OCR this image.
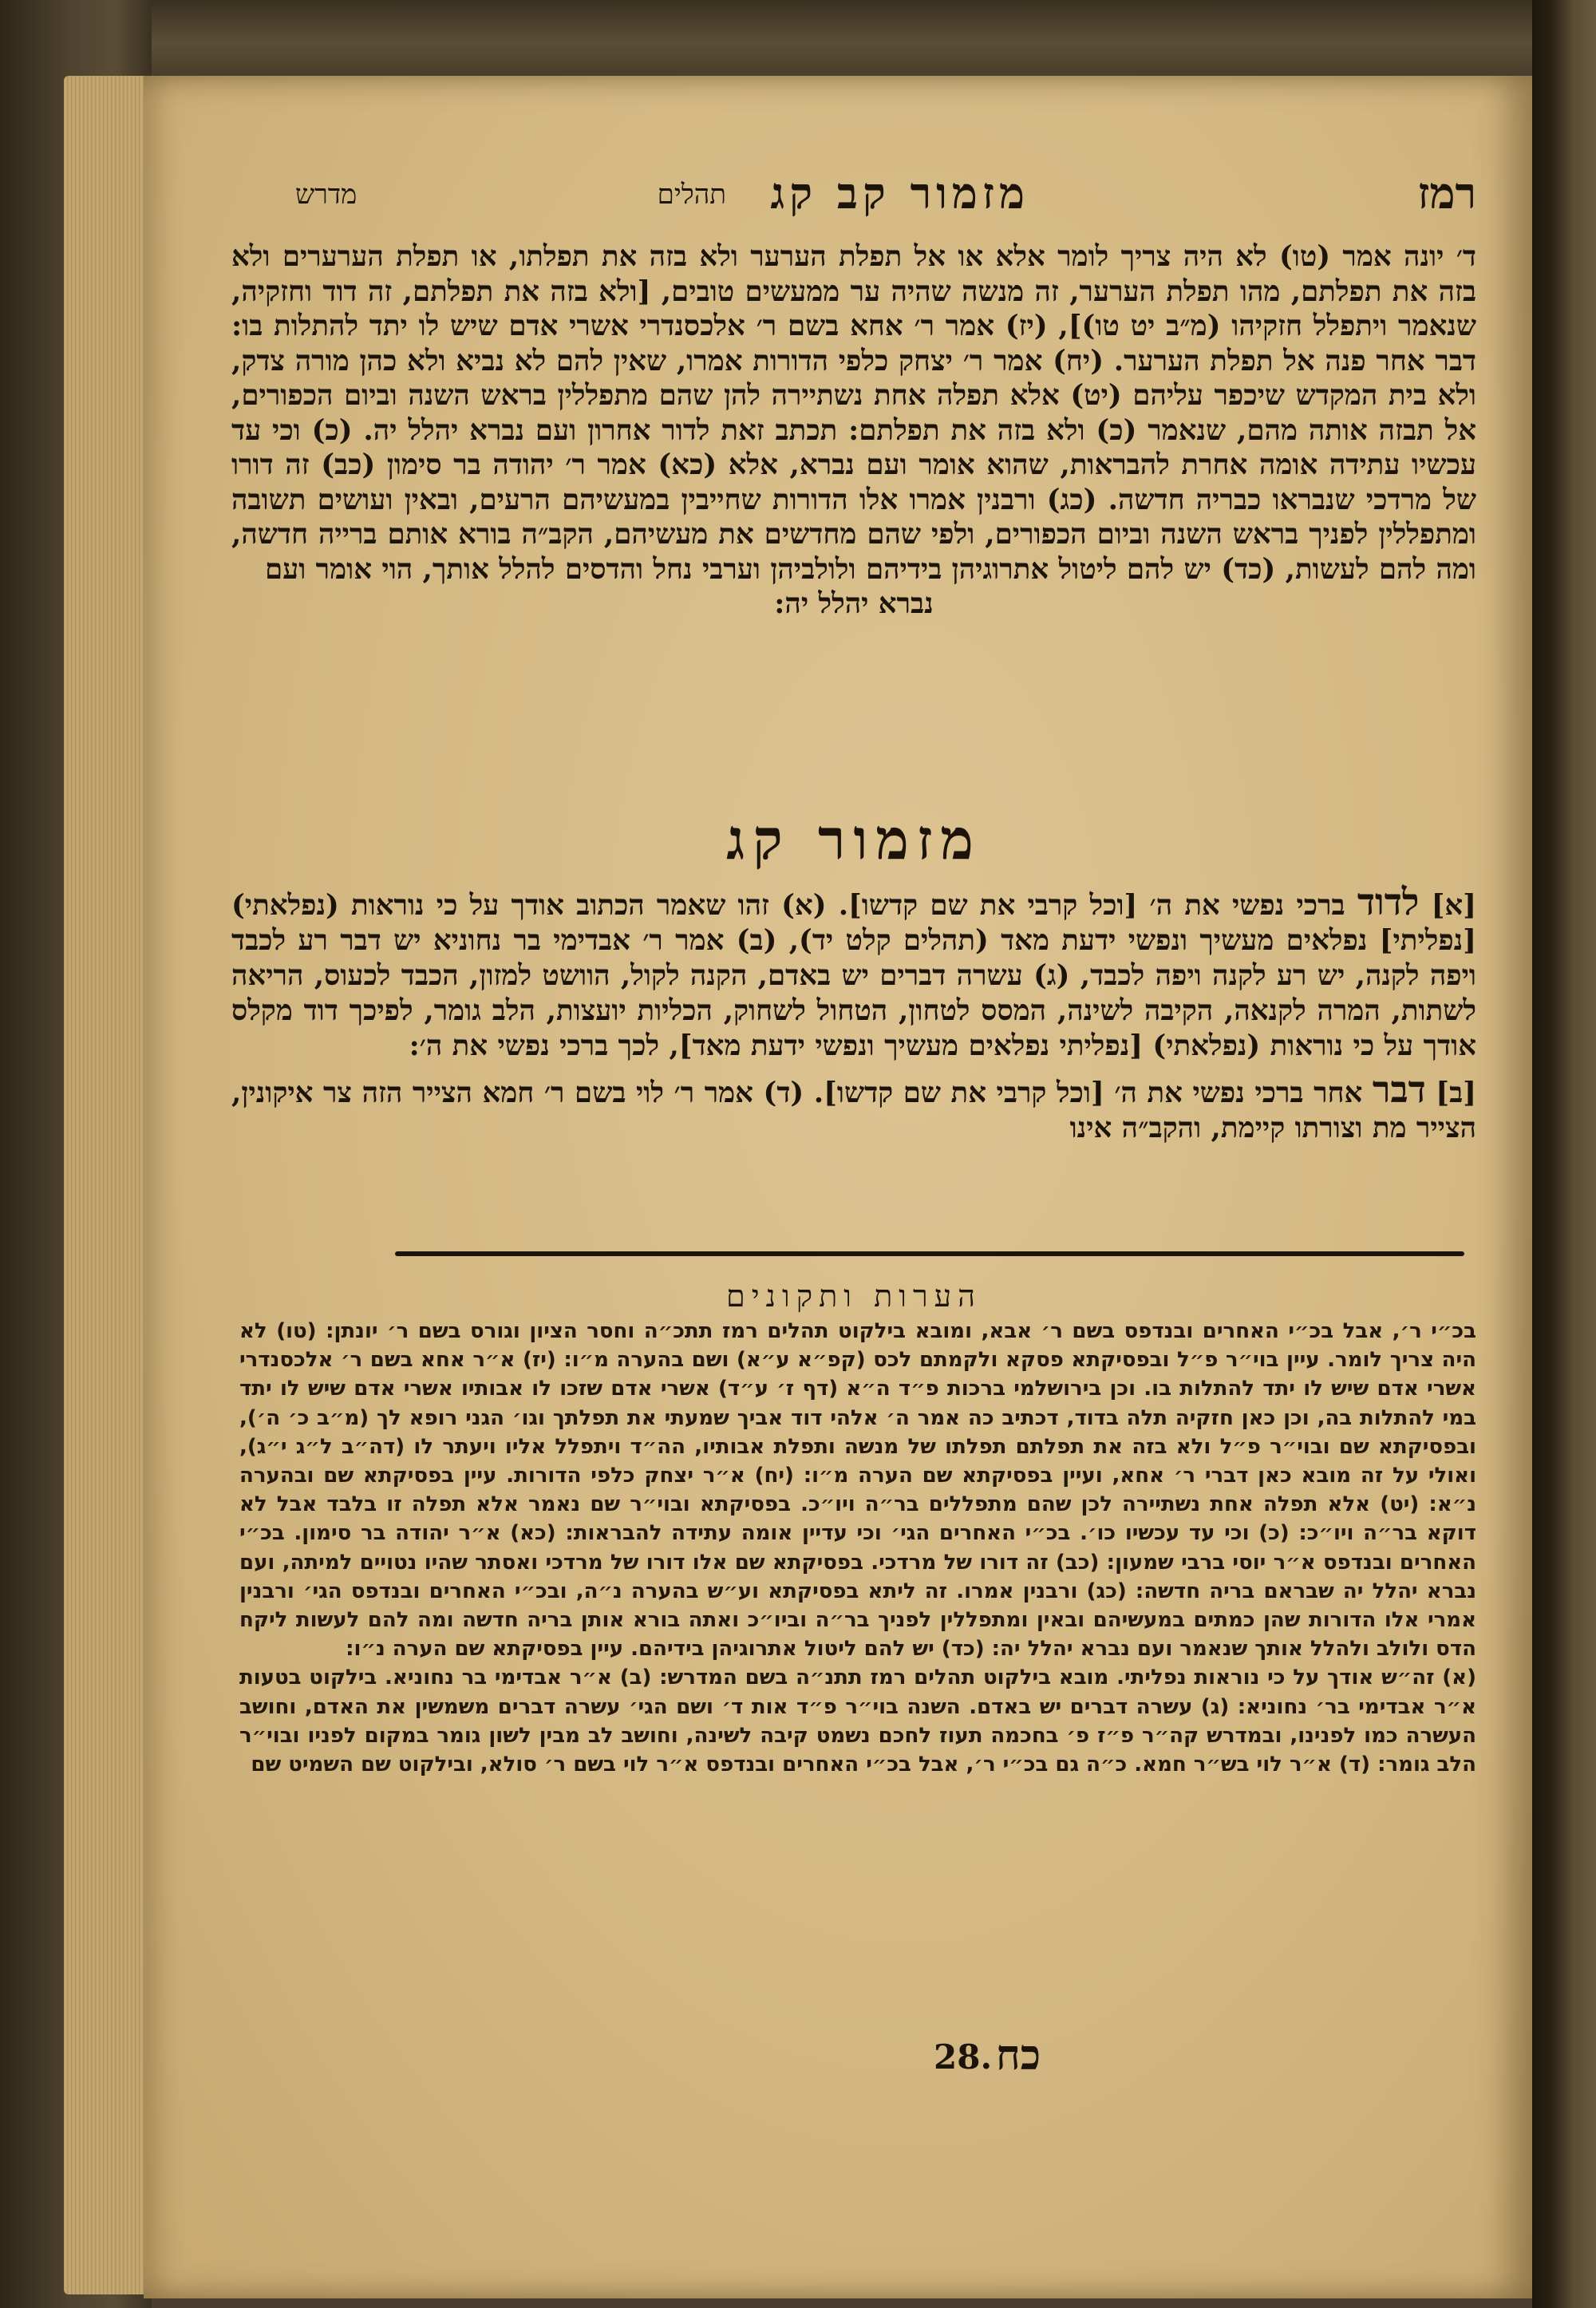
רמז
מזמור קב קג
תהלים
מדרש

ד׳ יונה אמר (טו) לא היה צריך לומר אלא או אל תפלת הערער ולא בזה את תפלתו, או תפלת הערערים ולא בזה את תפלתם, מהו תפלת הערער, זה מנשה שהיה ער ממעשים טובים, [ולא בזה את תפלתם, זה דוד וחזקיה, שנאמר ויתפלל חזקיהו (מ״ב יט טו)], (יז) אמר ר׳ אחא בשם ר׳ אלכסנדרי אשרי אדם שיש לו יתד להתלות בו: דבר אחר פנה אל תפלת הערער. (יח) אמר ר׳ יצחק כלפי הדורות אמרו, שאין להם לא נביא ולא כהן מורה צדק, ולא בית המקדש שיכפר עליהם (יט) אלא תפלה אחת נשתיירה להן שהם מתפללין בראש השנה וביום הכפורים, אל תבזה אותה מהם, שנאמר (כ) ולא בזה את תפלתם: תכתב זאת לדור אחרון ועם נברא יהלל יה. (כ) וכי עד עכשיו עתידה אומה אחרת להבראות, שהוא אומר ועם נברא, אלא (כא) אמר ר׳ יהודה בר סימון (כב) זה דורו של מרדכי שנבראו כבריה חדשה. (כג) ורבנין אמרו אלו הדורות שחייבין במעשיהם הרעים, ובאין ועושים תשובה ומתפללין לפניך בראש השנה וביום הכפורים, ולפי שהם מחדשים את מעשיהם, הקב״ה בורא אותם ברייה חדשה, ומה להם לעשות, (כד) יש להם ליטול אתרוגיהן בידיהם ולולביהן וערבי נחל והדסים להלל אותך, הוי אומר ועם

נברא יהלל יה:

מזמור קג

[א] לדוד ברכי נפשי את ה׳ [וכל קרבי את שם קדשו]. (א) זהו שאמר הכתוב אודך על כי נוראות (נפלאתי) [נפליתי] נפלאים מעשיך ונפשי ידעת מאד (תהלים קלט יד), (ב) אמר ר׳ אבדימי בר נחוניא יש דבר רע לכבד ויפה לקנה, יש רע לקנה ויפה לכבד, (ג) עשרה דברים יש באדם, הקנה לקול, הוושט למזון, הכבד לכעוס, הריאה לשתות, המרה לקנאה, הקיבה לשינה, המסס לטחון, הטחול לשחוק, הכליות יועצות, הלב גומר, לפיכך דוד מקלס אודך על כי נוראות (נפלאתי) [נפליתי נפלאים מעשיך ונפשי ידעת מאד], לכך ברכי נפשי את ה׳:

[ב] דבר אחר ברכי נפשי את ה׳ [וכל קרבי את שם קדשו]. (ד) אמר ר׳ לוי בשם ר׳ חמא הצייר הזה צר איקונין, הצייר מת וצורתו קיימת, והקב״ה אינו

הערות ותקונים

בכ״י ר׳, אבל בכ״י האחרים ובנדפס בשם ר׳ אבא, ומובא בילקוט תהלים רמז תתכ״ה וחסר הציון וגורס בשם ר׳ יונתן: (טו) לא היה צריך לומר. עיין בוי״ר פ״ל ובפסיקתא פסקא ולקמתם לכס (קפ״א ע״א) ושם בהערה מ״ו: (יז) א״ר אחא בשם ר׳ אלכסנדרי אשרי אדם שיש לו יתד להתלות בו. וכן בירושלמי ברכות פ״ד ה״א (דף ז׳ ע״ד) אשרי אדם שזכו לו אבותיו אשרי אדם שיש לו יתד במי להתלות בה, וכן כאן חזקיה תלה בדוד, דכתיב כה אמר ה׳ אלהי דוד אביך שמעתי את תפלתך וגו׳ הגני רופא לך (מ״ב כ׳ ה׳), ובפסיקתא שם ובוי״ר פ״ל ולא בזה את תפלתם תפלתו של מנשה ותפלת אבותיו, הה״ד ויתפלל אליו ויעתר לו (דה״ב ל״ג י״ג), ואולי על זה מובא כאן דברי ר׳ אחא, ועיין בפסיקתא שם הערה מ״ו: (יח) א״ר יצחק כלפי הדורות. עיין בפסיקתא שם ובהערה נ״א: (יט) אלא תפלה אחת נשתיירה לכן שהם מתפללים בר״ה ויו״כ. בפסיקתא ובוי״ר שם נאמר אלא תפלה זו בלבד אבל לא דוקא בר״ה ויו״כ: (כ) וכי עד עכשיו כו׳. בכ״י האחרים הגי׳ וכי עדיין אומה עתידה להבראות: (כא) א״ר יהודה בר סימון. בכ״י האחרים ובנדפס א״ר יוסי ברבי שמעון: (כב) זה דורו של מרדכי. בפסיקתא שם אלו דורו של מרדכי ואסתר שהיו נטויים למיתה, ועם נברא יהלל יה שבראם בריה חדשה: (כג) ורבנין אמרו. זה ליתא בפסיקתא וע״ש בהערה נ״ה, ובכ״י האחרים ובנדפס הגי׳ ורבנין אמרי אלו הדורות שהן כמתים במעשיהם ובאין ומתפללין לפניך בר״ה וביו״כ ואתה בורא אותן בריה חדשה ומה להם לעשות ליקח הדס ולולב ולהלל אותך שנאמר ועם נברא יהלל יה: (כד) יש להם ליטול אתרוגיהן בידיהם. עיין בפסיקתא שם הערה נ״ו:

(א) זה״ש אודך על כי נוראות נפליתי. מובא בילקוט תהלים רמז תתנ״ה בשם המדרש: (ב) א״ר אבדימי בר נחוניא. בילקוט בטעות א״ר אבדימי בר׳ נחוניא: (ג) עשרה דברים יש באדם. השנה בוי״ר פ״ד אות ד׳ ושם הגי׳ עשרה דברים משמשין את האדם, וחושב העשרה כמו לפנינו, ובמדרש קה״ר פ״ז פ׳ בחכמה תעוז לחכם נשמט קיבה לשינה, וחושב לב מבין לשון גומר במקום לפניו ובוי״ר הלב גומר: (ד) א״ר לוי בש״ר חמא. כ״ה גם בכ״י ר׳, אבל בכ״י האחרים ובנדפס א״ר לוי בשם ר׳ סולא, ובילקוט שם השמיט שם

28. כח
